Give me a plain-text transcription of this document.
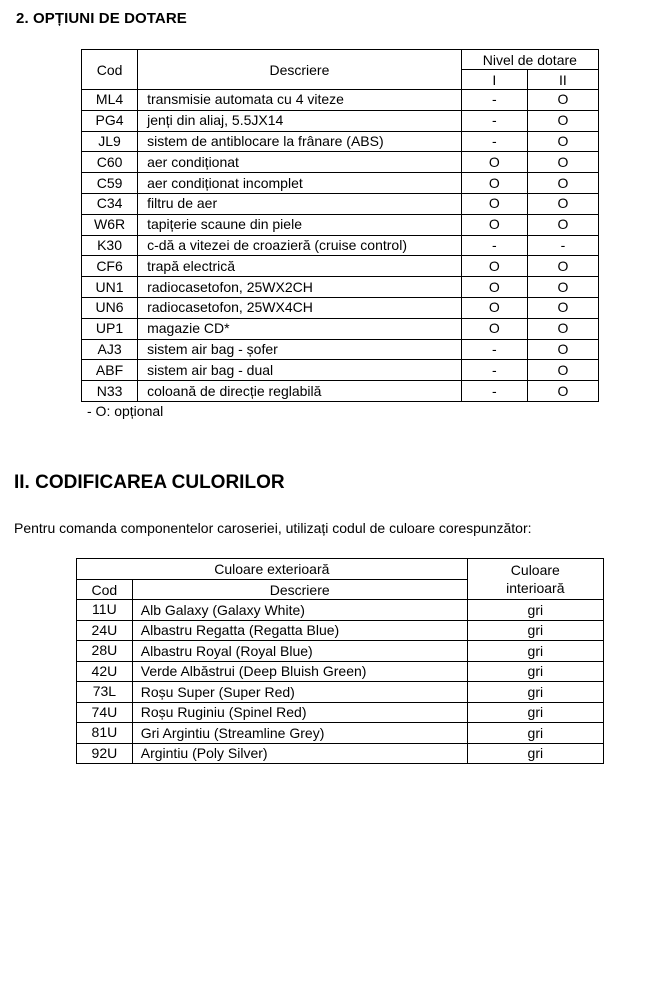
2. OPȚIUNI DE DOTARE
Cod	Descriere	Nivel de dotare	
		I	II
ML4	transmisie automata cu 4 viteze	-	O
PG4	jenți din aliaj, 5.5JX14	-	O
JL9	sistem de antiblocare la frânare (ABS)	-	O
C60	aer condiționat	O	O
C59	aer condiționat incomplet	O	O
C34	filtru de aer	O	O
W6R	tapițerie scaune din piele	O	O
K30	c-dă a vitezei de croazieră (cruise control)	-	-
CF6	trapă electrică	O	O
UN1	radiocasetofon, 25WX2CH	O	O
UN6	radiocasetofon, 25WX4CH	O	O
UP1	magazie CD*	O	O
AJ3	sistem air bag - șofer	-	O
ABF	sistem air bag - dual	-	O
N33	coloană de direcție reglabilă	-	O
- O: opțional
II. CODIFICAREA CULORILOR
Pentru comanda componentelor caroseriei, utilizați codul de culoare corespunzător:
Culoare exterioară		Culoare
interioară
Cod	Descriere	
11U	Alb Galaxy (Galaxy White)	gri
24U	Albastru Regatta (Regatta Blue)	gri
28U	Albastru Royal (Royal Blue)	gri
42U	Verde Albăstrui (Deep Bluish Green)	gri
73L	Roșu Super (Super Red)	gri
74U	Roșu Ruginiu (Spinel Red)	gri
81U	Gri Argintiu (Streamline Grey)	gri
92U	Argintiu (Poly Silver)	gri
